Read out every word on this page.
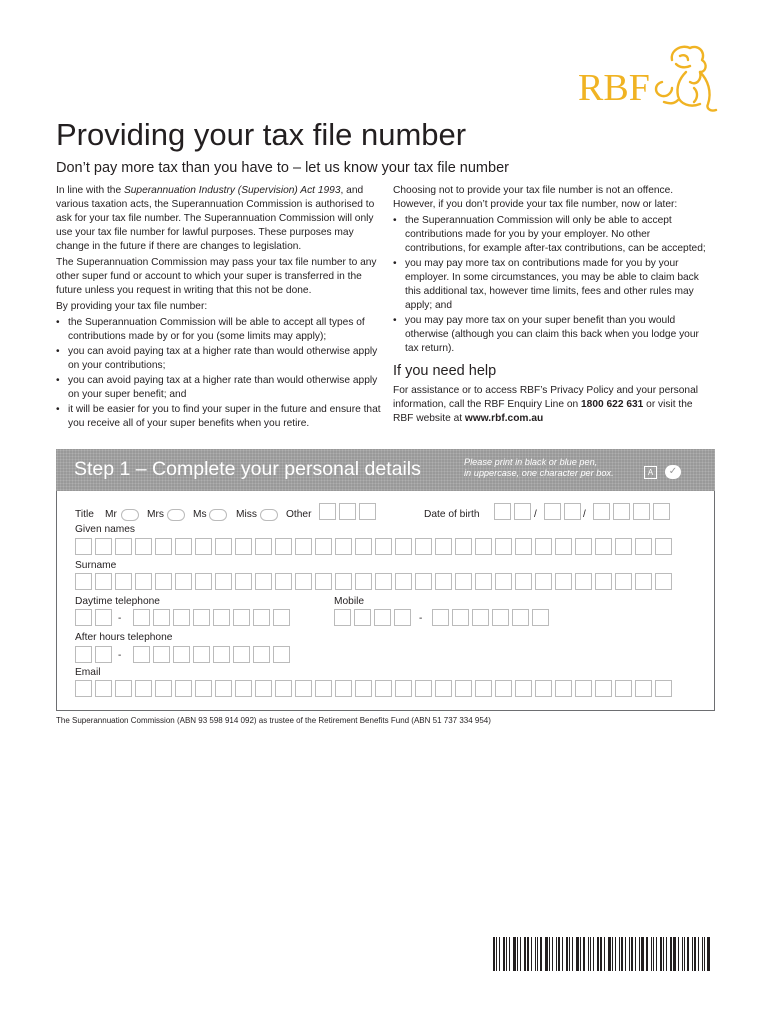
RBF
Providing your tax file number
Don’t pay more tax than you have to – let us know your tax file number

In line with the Superannuation Industry (Supervision) Act 1993, and various taxation acts, the Superannuation Commission is authorised to ask for your tax file number. The Superannuation Commission will only use your tax file number for lawful purposes. These purposes may change in the future if there are changes to legislation.

The Superannuation Commission may pass your tax file number to any other super fund or account to which your super is transferred in the future unless you request in writing that this not be done.

By providing your tax file number:

• the Superannuation Commission will be able to accept all types of contributions made by or for you (some limits may apply);
• you can avoid paying tax at a higher rate than would otherwise apply on your contributions;
• you can avoid paying tax at a higher rate than would otherwise apply on your super benefit; and
• it will be easier for you to find your super in the future and ensure that you receive all of your super benefits when you retire.

Choosing not to provide your tax file number is not an offence. However, if you don’t provide your tax file number, now or later:

• the Superannuation Commission will only be able to accept contributions made for you by your employer. No other contributions, for example after-tax contributions, can be accepted;
• you may pay more tax on contributions made for you by your employer. In some circumstances, you may be able to claim back this additional tax, however time limits, fees and other rules may apply; and
• you may pay more tax on your super benefit than you would otherwise (although you can claim this back when you lodge your tax return).
If you need help

For assistance or to access RBF’s Privacy Policy and your personal information, call the RBF Enquiry Line on 1800 622 631 or visit the RBF website at www.rbf.com.au

Step 1 – Complete your personal details	Please print in black or blue pen,
in uppercase, one character per box.	A	✓
Title Mr	Mrs	Ms	Miss	Other	Date of birth	/	/
Given names
Surname
Daytime telephone
-
Mobile
-
After hours telephone
-
Email
The Superannuation Commission (ABN 93 598 914 092) as trustee of the Retirement Benefits Fund (ABN 51 737 334 954)
